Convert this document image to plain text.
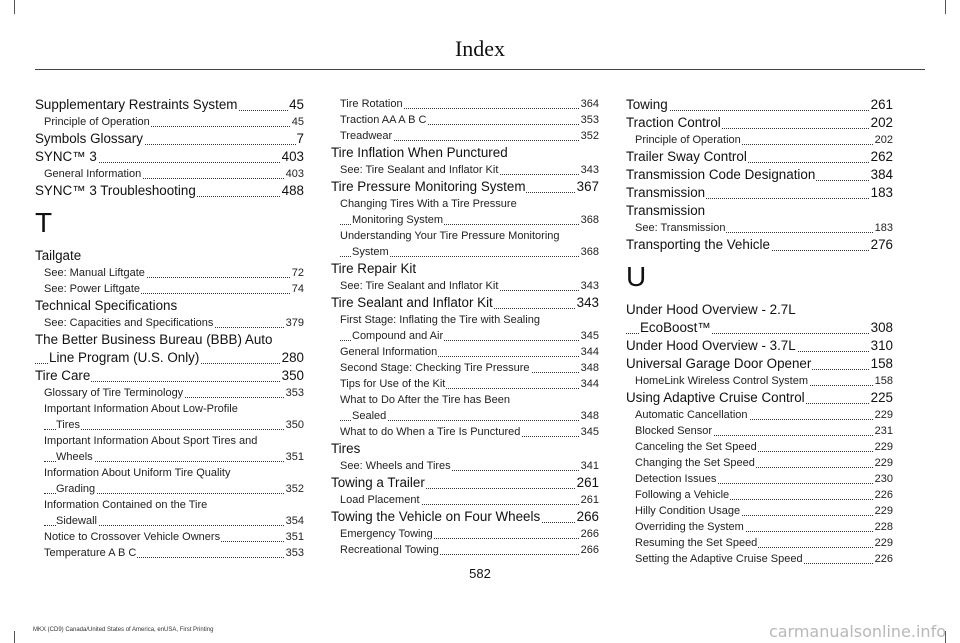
Index
Supplementary Restraints System	45
Principle of Operation	45
Symbols Glossary	7
SYNC™ 3	403
General Information	403
SYNC™ 3 Troubleshooting	488
T
Tailgate
See: Manual Liftgate	72
See: Power Liftgate	74
Technical Specifications
See: Capacities and Specifications	379
The Better Business Bureau (BBB) Auto
Line Program (U.S. Only)	280
Tire Care	350
Glossary of Tire Terminology	353
Important Information About Low-Profile
Tires	350
Important Information About Sport Tires and
Wheels	351
Information About Uniform Tire Quality
Grading	352
Information Contained on the Tire
Sidewall	354
Notice to Crossover Vehicle Owners	351
Temperature A B C	353
Tire Rotation	364
Traction AA A B C	353
Treadwear	352
Tire Inflation When Punctured
See: Tire Sealant and Inflator Kit	343
Tire Pressure Monitoring System	367
Changing Tires With a Tire Pressure
Monitoring System	368
Understanding Your Tire Pressure Monitoring
System	368
Tire Repair Kit
See: Tire Sealant and Inflator Kit	343
Tire Sealant and Inflator Kit	343
First Stage: Inflating the Tire with Sealing
Compound and Air	345
General Information	344
Second Stage: Checking Tire Pressure	348
Tips for Use of the Kit	344
What to Do After the Tire has Been
Sealed	348
What to do When a Tire Is Punctured	345
Tires
See: Wheels and Tires	341
Towing a Trailer	261
Load Placement	261
Towing the Vehicle on Four Wheels	266
Emergency Towing	266
Recreational Towing	266
Towing	261
Traction Control	202
Principle of Operation	202
Trailer Sway Control	262
Transmission Code Designation	384
Transmission	183
Transmission
See: Transmission	183
Transporting the Vehicle	276
U
Under Hood Overview - 2.7L
EcoBoost™	308
Under Hood Overview - 3.7L	310
Universal Garage Door Opener	158
HomeLink Wireless Control System	158
Using Adaptive Cruise Control	225
Automatic Cancellation	229
Blocked Sensor	231
Canceling the Set Speed	229
Changing the Set Speed	229
Detection Issues	230
Following a Vehicle	226
Hilly Condition Usage	229
Overriding the System	228
Resuming the Set Speed	229
Setting the Adaptive Cruise Speed	226
582
MKX (CD9) Canada/United States of America, enUSA, First Printing	carmanualsonline.info
